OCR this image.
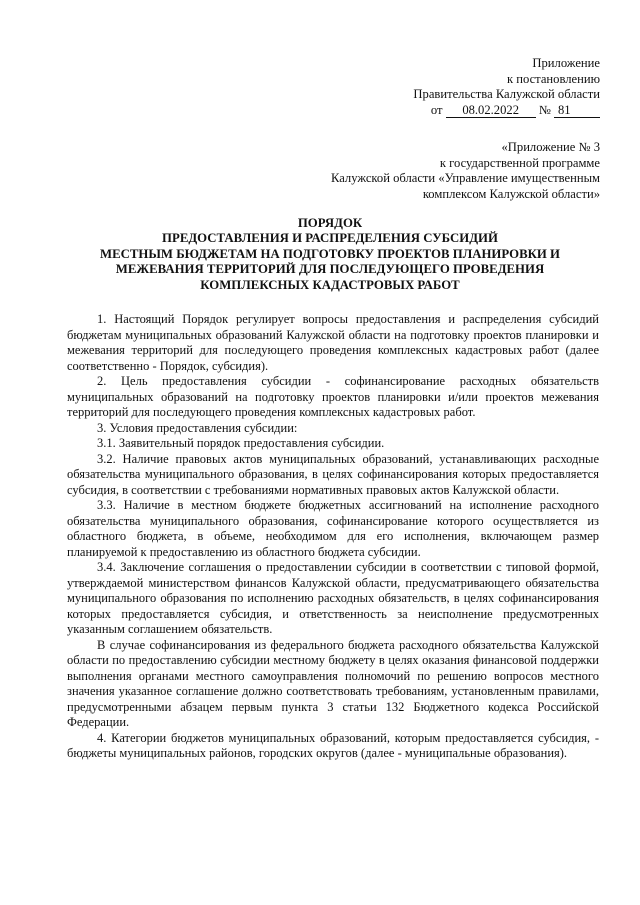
Приложение
к постановлению
Правительства Калужской области
от 08.02.2022 № 81
«Приложение № 3
к государственной программе
Калужской области «Управление имущественным
комплексом Калужской области»
ПОРЯДОК
ПРЕДОСТАВЛЕНИЯ И РАСПРЕДЕЛЕНИЯ СУБСИДИЙ
МЕСТНЫМ БЮДЖЕТАМ НА ПОДГОТОВКУ ПРОЕКТОВ ПЛАНИРОВКИ И
МЕЖЕВАНИЯ ТЕРРИТОРИЙ ДЛЯ ПОСЛЕДУЮЩЕГО ПРОВЕДЕНИЯ
КОМПЛЕКСНЫХ КАДАСТРОВЫХ РАБОТ

1. Настоящий Порядок регулирует вопросы предоставления и распределения субсидий бюджетам муниципальных образований Калужской области на подготовку проектов планировки и межевания территорий для последующего проведения комплексных кадастровых работ (далее соответственно - Порядок, субсидия).

2. Цель предоставления субсидии - софинансирование расходных обязательств муниципальных образований на подготовку проектов планировки и/или проектов межевания территорий для последующего проведения комплексных кадастровых работ.

3. Условия предоставления субсидии:

3.1. Заявительный порядок предоставления субсидии.

3.2. Наличие правовых актов муниципальных образований, устанавливающих расходные обязательства муниципального образования, в целях софинансирования которых предоставляется субсидия, в соответствии с требованиями нормативных правовых актов Калужской области.

3.3. Наличие в местном бюджете бюджетных ассигнований на исполнение расходного обязательства муниципального образования, софинансирование которого осуществляется из областного бюджета, в объеме, необходимом для его исполнения, включающем размер планируемой к предоставлению из областного бюджета субсидии.

3.4. Заключение соглашения о предоставлении субсидии в соответствии с типовой формой, утверждаемой министерством финансов Калужской области, предусматривающего обязательства муниципального образования по исполнению расходных обязательств, в целях софинансирования которых предоставляется субсидия, и ответственность за неисполнение предусмотренных указанным соглашением обязательств.

В случае софинансирования из федерального бюджета расходного обязательства Калужской области по предоставлению субсидии местному бюджету в целях оказания финансовой поддержки выполнения органами местного самоуправления полномочий по решению вопросов местного значения указанное соглашение должно соответствовать требованиям, установленным правилами, предусмотренными абзацем первым пункта 3 статьи 132 Бюджетного кодекса Российской Федерации.

4. Категории бюджетов муниципальных образований, которым предоставляется субсидия, - бюджеты муниципальных районов, городских округов (далее - муниципальные образования).
